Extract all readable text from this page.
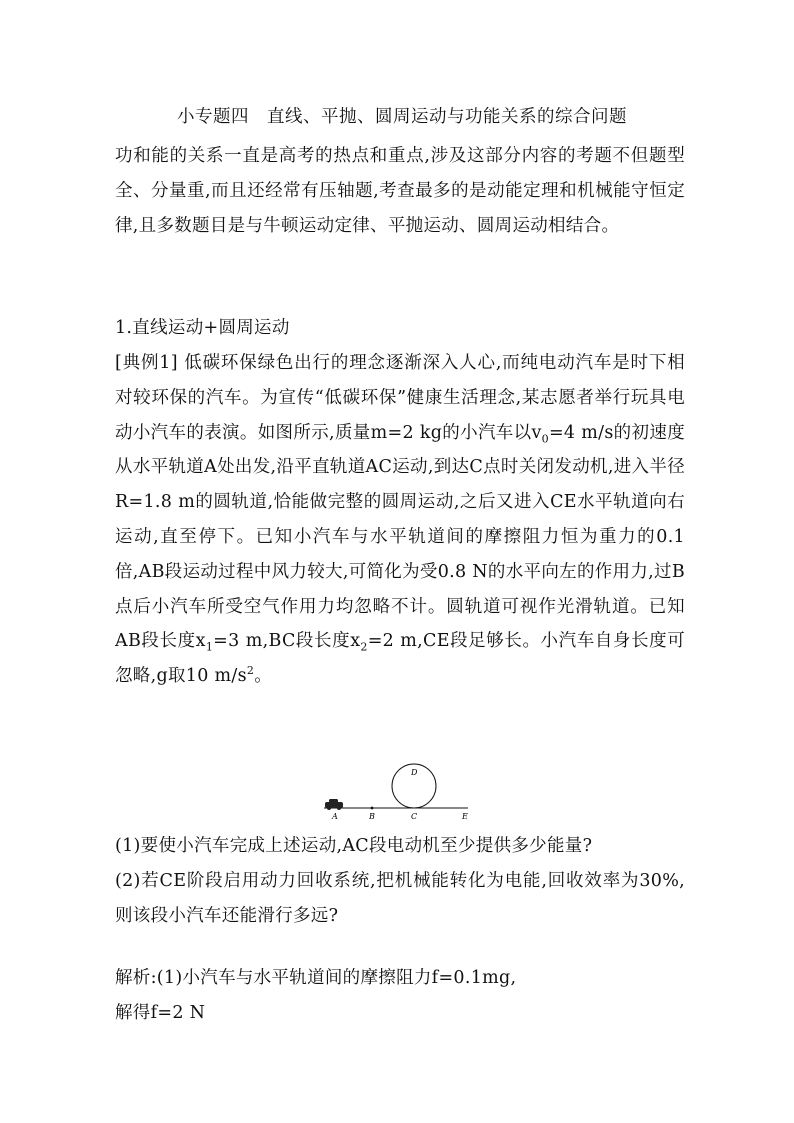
小专题四　直线、平抛、圆周运动与功能关系的综合问题
功和能的关系一直是高考的热点和重点,涉及这部分内容的考题不但题型全、分量重,而且还经常有压轴题,考查最多的是动能定理和机械能守恒定律,且多数题目是与牛顿运动定律、平抛运动、圆周运动相结合。
1.直线运动+圆周运动
[典例1] 低碳环保绿色出行的理念逐渐深入人心,而纯电动汽车是时下相对较环保的汽车。为宣传“低碳环保”健康生活理念,某志愿者举行玩具电动小汽车的表演。如图所示,质量m=2 kg的小汽车以$v_0=4$ m/s的初速度从水平轨道A处出发,沿平直轨道AC运动,到达C点时关闭发动机,进入半径R=1.8 m的圆轨道,恰能做完整的圆周运动,之后又进入CE水平轨道向右运动,直至停下。已知小汽车与水平轨道间的摩擦阻力恒为重力的0.1倍,AB段运动过程中风力较大,可简化为受0.8 N的水平向左的作用力,过B点后小汽车所受空气作用力均忽略不计。圆轨道可视作光滑轨道。已知AB段长度$x_1=3$ m,BC段长度$x_2=2$ m,CE段足够长。小汽车自身长度可忽略,g取10 $m/s^2$。
A	B	C
D
E
(1)要使小汽车完成上述运动,AC段电动机至少提供多少能量?
(2)若CE阶段启用动力回收系统,把机械能转化为电能,回收效率为30%,则该段小汽车还能滑行多远?
解析:(1)小汽车与水平轨道间的摩擦阻力f=0.1mg,
解得f=2 N
